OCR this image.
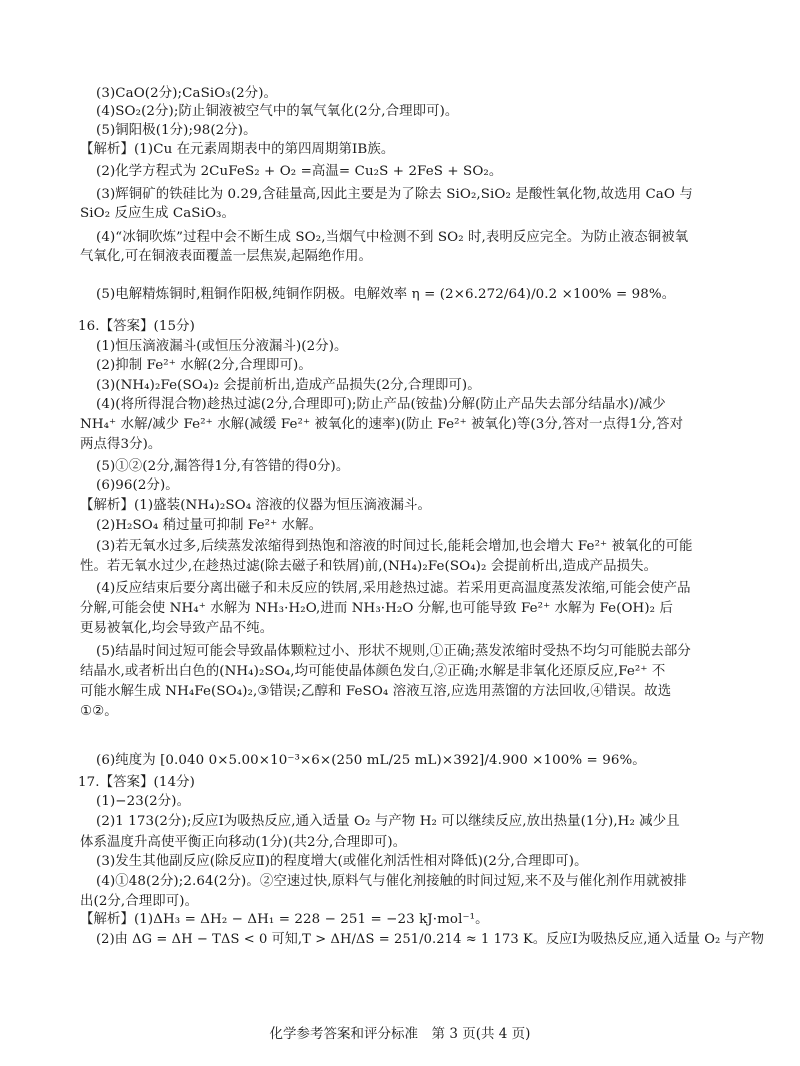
(3)CaO(2分);CaSiO₃(2分)。
(4)SO₂(2分);防止铜液被空气中的氧气氧化(2分,合理即可)。
(5)铜阳极(1分);98(2分)。
【解析】(1)Cu 在元素周期表中的第四周期第ⅠB族。
(2)化学方程式为 2CuFeS₂ + O₂ =高温= Cu₂S + 2FeS + SO₂。
(3)辉铜矿的铁硅比为 0.29,含硅量高,因此主要是为了除去 SiO₂,SiO₂ 是酸性氧化物,故选用 CaO 与
SiO₂ 反应生成 CaSiO₃。
(4)“冰铜吹炼”过程中会不断生成 SO₂,当烟气中检测不到 SO₂ 时,表明反应完全。为防止液态铜被氧
气氧化,可在铜液表面覆盖一层焦炭,起隔绝作用。
(5)电解精炼铜时,粗铜作阳极,纯铜作阴极。电解效率 η = (2×6.272/64)/0.2 ×100% = 98%。
16.【答案】(15分)
(1)恒压滴液漏斗(或恒压分液漏斗)(2分)。
(2)抑制 Fe²⁺ 水解(2分,合理即可)。
(3)(NH₄)₂Fe(SO₄)₂ 会提前析出,造成产品损失(2分,合理即可)。
(4)(将所得混合物)趁热过滤(2分,合理即可);防止产品(铵盐)分解(防止产品失去部分结晶水)/减少
NH₄⁺ 水解/减少 Fe²⁺ 水解(减缓 Fe²⁺ 被氧化的速率)(防止 Fe²⁺ 被氧化)等(3分,答对一点得1分,答对
两点得3分)。
(5)①②(2分,漏答得1分,有答错的得0分)。
(6)96(2分)。
【解析】(1)盛装(NH₄)₂SO₄ 溶液的仪器为恒压滴液漏斗。
(2)H₂SO₄ 稍过量可抑制 Fe²⁺ 水解。
(3)若无氧水过多,后续蒸发浓缩得到热饱和溶液的时间过长,能耗会增加,也会增大 Fe²⁺ 被氧化的可能
性。若无氧水过少,在趁热过滤(除去磁子和铁屑)前,(NH₄)₂Fe(SO₄)₂ 会提前析出,造成产品损失。
(4)反应结束后要分离出磁子和未反应的铁屑,采用趁热过滤。若采用更高温度蒸发浓缩,可能会使产品
分解,可能会使 NH₄⁺ 水解为 NH₃·H₂O,进而 NH₃·H₂O 分解,也可能导致 Fe²⁺ 水解为 Fe(OH)₂ 后
更易被氧化,均会导致产品不纯。
(5)结晶时间过短可能会导致晶体颗粒过小、形状不规则,①正确;蒸发浓缩时受热不均匀可能脱去部分
结晶水,或者析出白色的(NH₄)₂SO₄,均可能使晶体颜色发白,②正确;水解是非氧化还原反应,Fe²⁺ 不
可能水解生成 NH₄Fe(SO₄)₂,③错误;乙醇和 FeSO₄ 溶液互溶,应选用蒸馏的方法回收,④错误。故选
①②。
(6)纯度为 [0.040 0×5.00×10⁻³×6×(250 mL/25 mL)×392]/4.900 ×100% = 96%。
17.【答案】(14分)
(1)−23(2分)。
(2)1 173(2分);反应Ⅰ为吸热反应,通入适量 O₂ 与产物 H₂ 可以继续反应,放出热量(1分),H₂ 减少且
体系温度升高使平衡正向移动(1分)(共2分,合理即可)。
(3)发生其他副反应(除反应Ⅱ)的程度增大(或催化剂活性相对降低)(2分,合理即可)。
(4)①48(2分);2.64(2分)。②空速过快,原料气与催化剂接触的时间过短,来不及与催化剂作用就被排
出(2分,合理即可)。
【解析】(1)ΔH₃ = ΔH₂ − ΔH₁ = 228 − 251 = −23 kJ·mol⁻¹。
(2)由 ΔG = ΔH − TΔS < 0 可知,T > ΔH/ΔS = 251/0.214 ≈ 1 173 K。反应Ⅰ为吸热反应,通入适量 O₂ 与产物
化学参考答案和评分标准　第 3 页(共 4 页)
